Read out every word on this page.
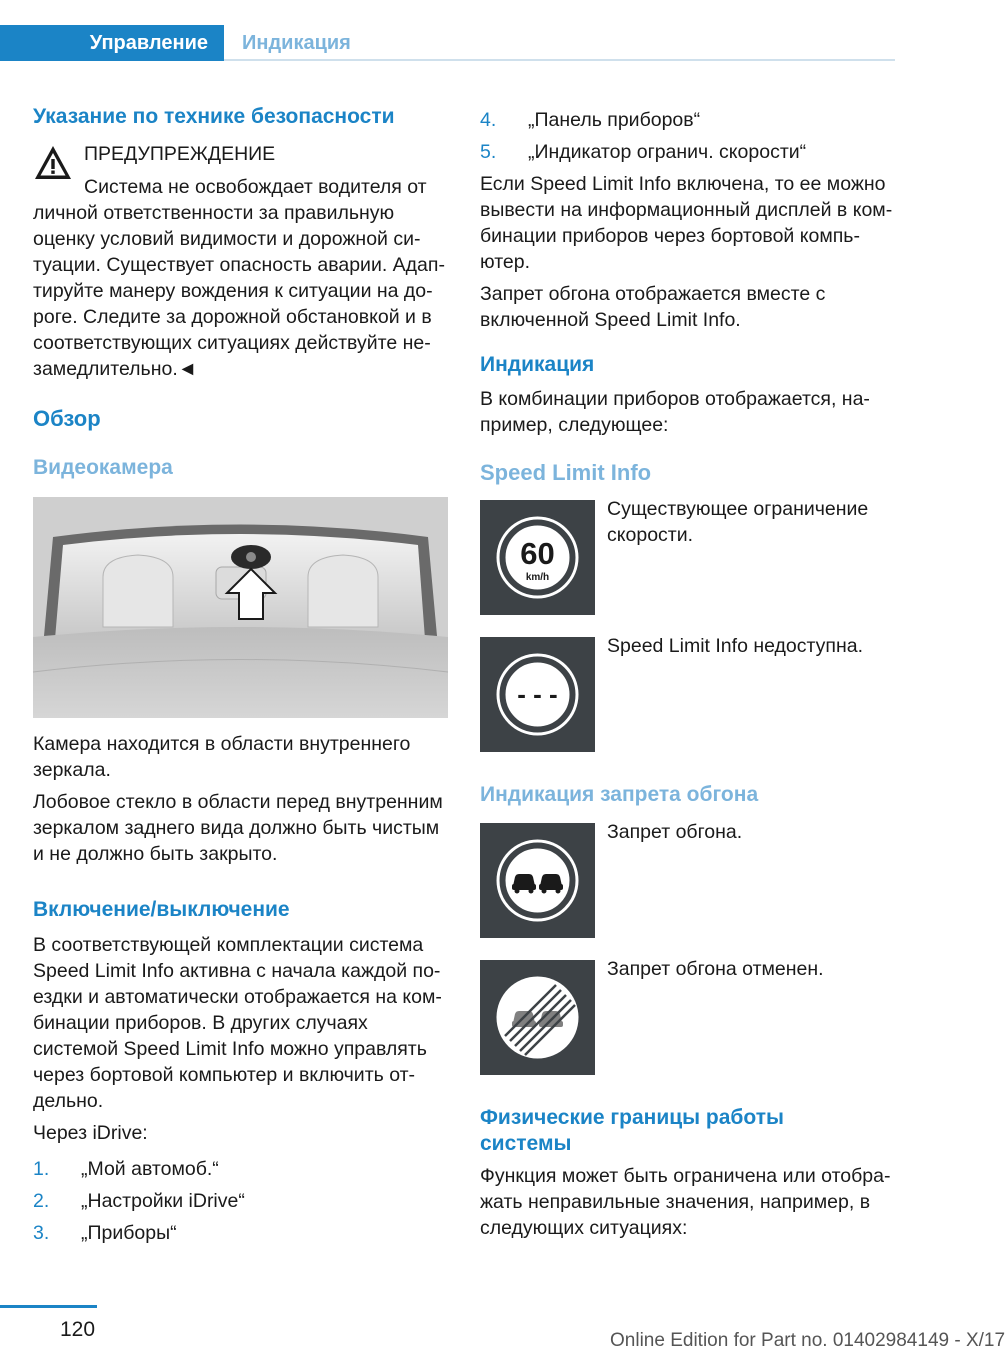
Управление	Индикация
Указание по технике безопасности

ПРЕДУПРЕЖДЕНИЕ

Система не освобождает водителя от

личной ответственности за правильную

оценку условий видимости и дорожной си-

туации. Существует опасность аварии. Адап-

тируйте манеру вождения к ситуации на до-

роге. Следите за дорожной обстановкой и в

соответствующих ситуациях действуйте не-

замедлительно.◄

Обзор
Видеокамера

Камера находится в области внутреннего

зеркала.

Лобовое стекло в области перед внутренним

зеркалом заднего вида должно быть чистым

и не должно быть закрыто.

Включение/выключение

В соответствующей комплектации система

Speed Limit Info активна с начала каждой по-

ездки и автоматически отображается на ком-

бинации приборов. В других случаях

системой Speed Limit Info можно управлять

через бортовой компьютер и включить от-

дельно.

Через iDrive:

1. „Мой автомоб.“
2. „Настройки iDrive“
3. „Приборы“
4. „Панель приборов“
5. „Индикатор огранич. скорости“

Если Speed Limit Info включена, то ее можно

вывести на информационный дисплей в ком-

бинации приборов через бортовой компь-

ютер.

Запрет обгона отображается вместе с

включенной Speed Limit Info.

Индикация

В комбинации приборов отображается, на-

пример, следующее:

Speed Limit Info
60
km/h

Существующее ограничение

скорости.

- - -

Speed Limit Info недоступна.

Индикация запрета обгона

Запрет обгона.

Запрет обгона отменен.

Физические границы работы
системы

Функция может быть ограничена или отобра-

жать неправильные значения, например, в

следующих ситуациях:

120	Online Edition for Part no. 01402984149 - X/17
